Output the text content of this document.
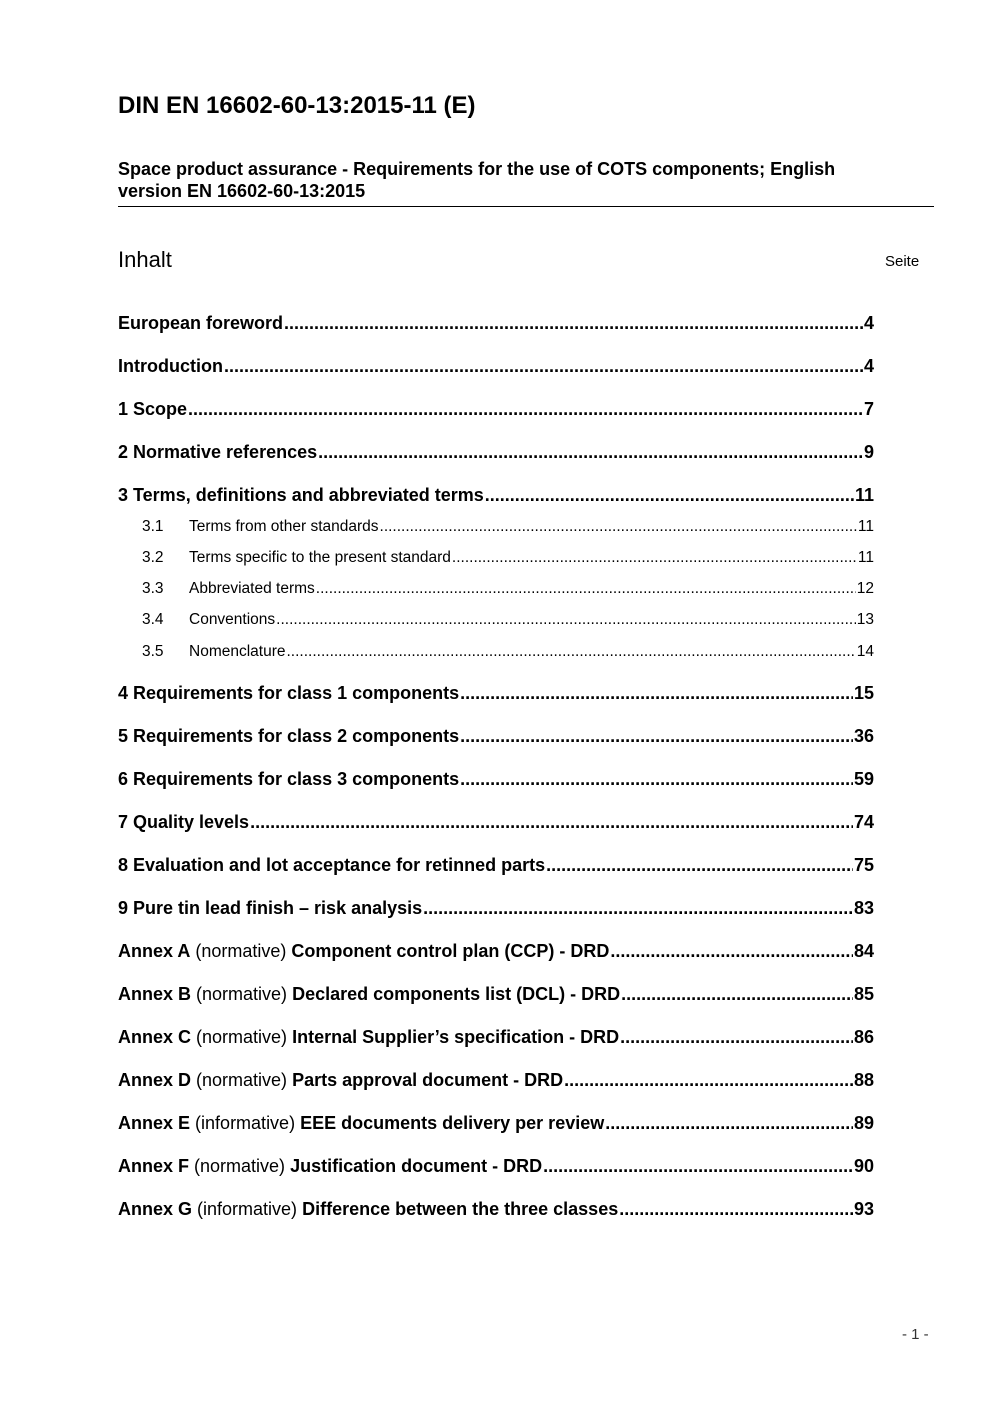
DIN EN 16602-60-13:2015-11 (E)
Space product assurance - Requirements for the use of COTS components; English
version EN 16602-60-13:2015
Inhalt	Seite
European foreword .....	4
Introduction .....	4
1 Scope .....	7
2 Normative references .....	9
3 Terms, definitions and abbreviated terms .....	11
3.1	Terms from other standards .....	11
3.2	Terms specific to the present standard .....	11
3.3	Abbreviated terms .....	12
3.4	Conventions .....	13
3.5	Nomenclature .....	14
4 Requirements for class 1 components .....	15
5 Requirements for class 2 components .....	36
6 Requirements for class 3 components .....	59
7 Quality levels .....	74
8 Evaluation and lot acceptance for retinned parts .....	75
9 Pure tin lead finish – risk analysis .....	83
Annex A
(normative)
Component control plan (CCP) - DRD .....	84
Annex B
(normative)
Declared components list (DCL) - DRD .....	85
Annex C
(normative)
Internal Supplier’s specification - DRD .....	86
Annex D
(normative)
Parts approval document - DRD .....	88
Annex E
(informative)
EEE documents delivery per review .....	89
Annex F
(normative)
Justification document - DRD .....	90
Annex G
(informative)
Difference between the three classes .....	93
- 1 -
